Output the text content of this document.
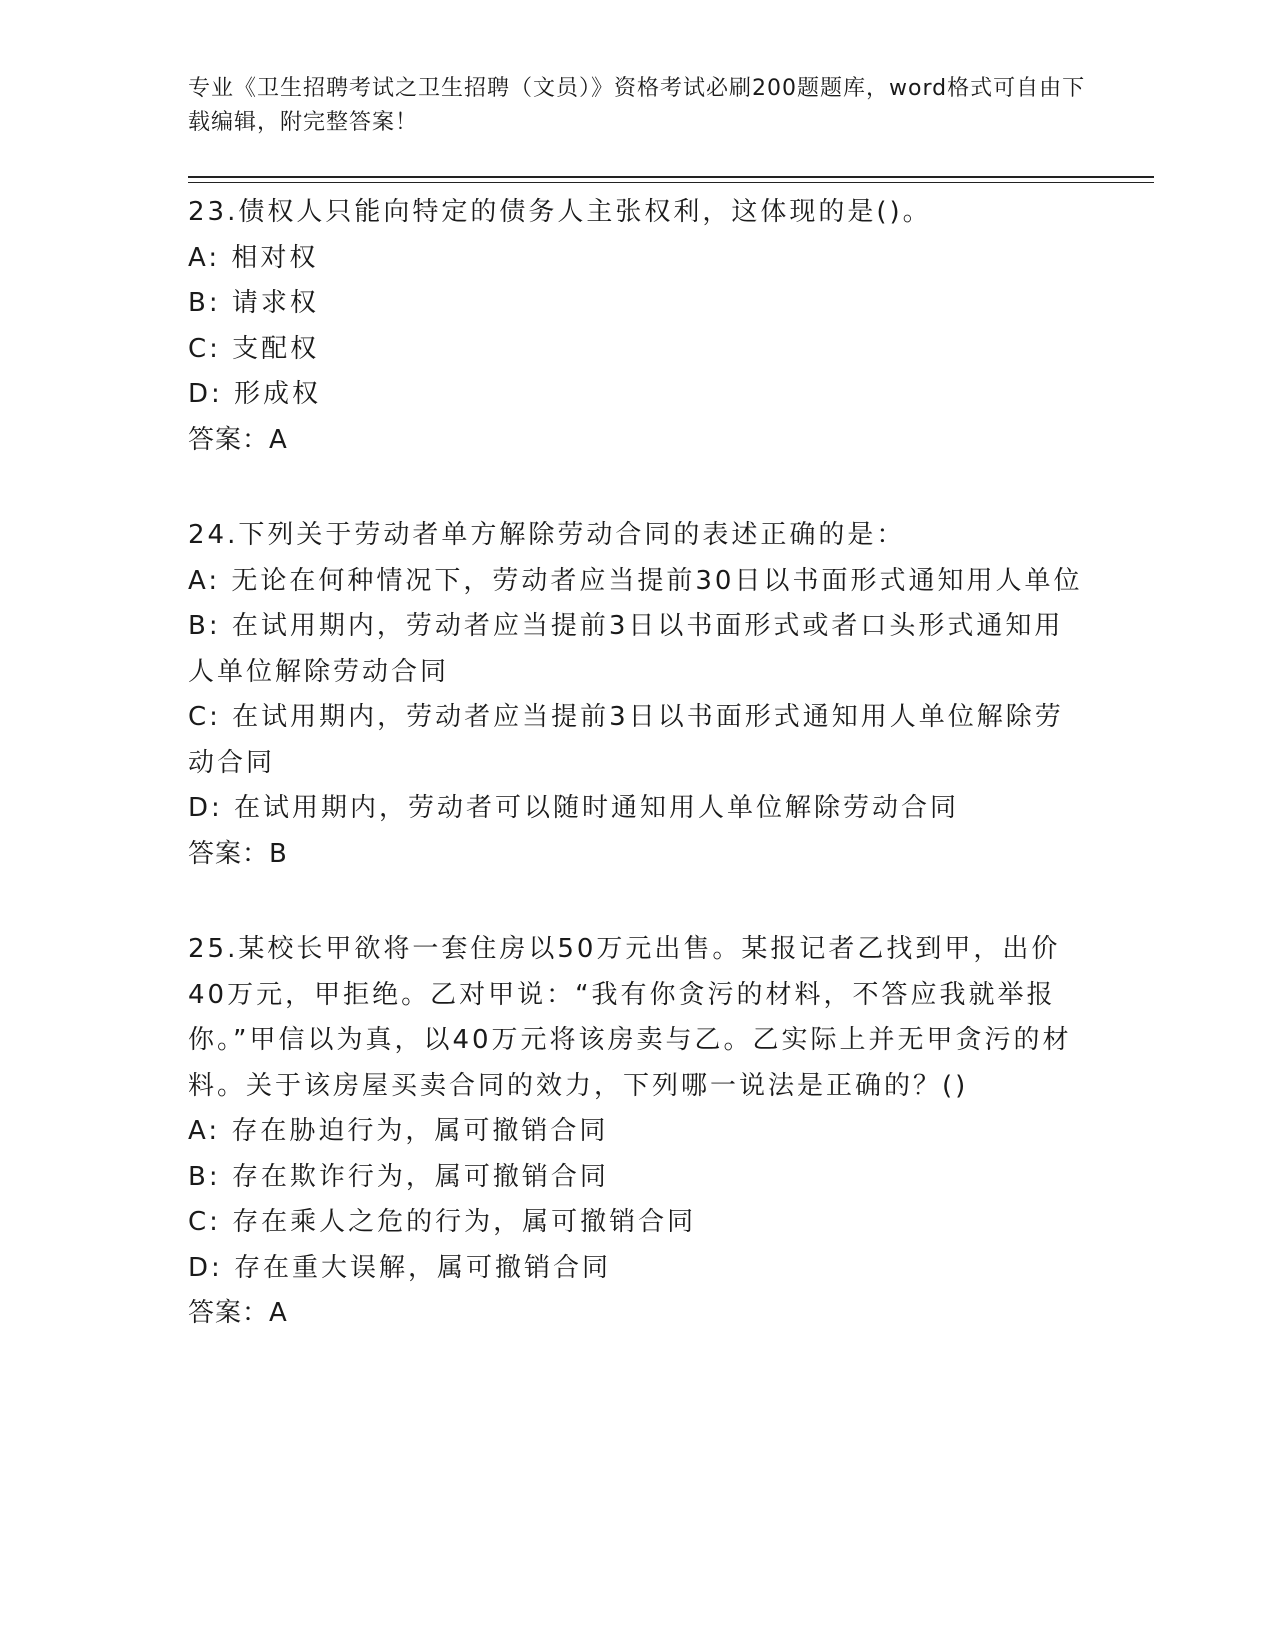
专业《卫生招聘考试之卫生招聘（文员）》资格考试必刷200题题库，word格式可自由下载编辑，附完整答案！
23.债权人只能向特定的债务人主张权利，这体现的是()。
A: 相对权
B: 请求权
C: 支配权
D: 形成权
答案：A
24.下列关于劳动者单方解除劳动合同的表述正确的是：
A: 无论在何种情况下，劳动者应当提前30日以书面形式通知用人单位
B: 在试用期内，劳动者应当提前3日以书面形式或者口头形式通知用人单位解除劳动合同
C: 在试用期内，劳动者应当提前3日以书面形式通知用人单位解除劳动合同
D: 在试用期内，劳动者可以随时通知用人单位解除劳动合同
答案：B
25.某校长甲欲将一套住房以50万元出售。某报记者乙找到甲，出价40万元，甲拒绝。乙对甲说：“我有你贪污的材料，不答应我就举报你。”甲信以为真，以40万元将该房卖与乙。乙实际上并无甲贪污的材料。关于该房屋买卖合同的效力，下列哪一说法是正确的？()
A: 存在胁迫行为，属可撤销合同
B: 存在欺诈行为，属可撤销合同
C: 存在乘人之危的行为，属可撤销合同
D: 存在重大误解，属可撤销合同
答案：A
